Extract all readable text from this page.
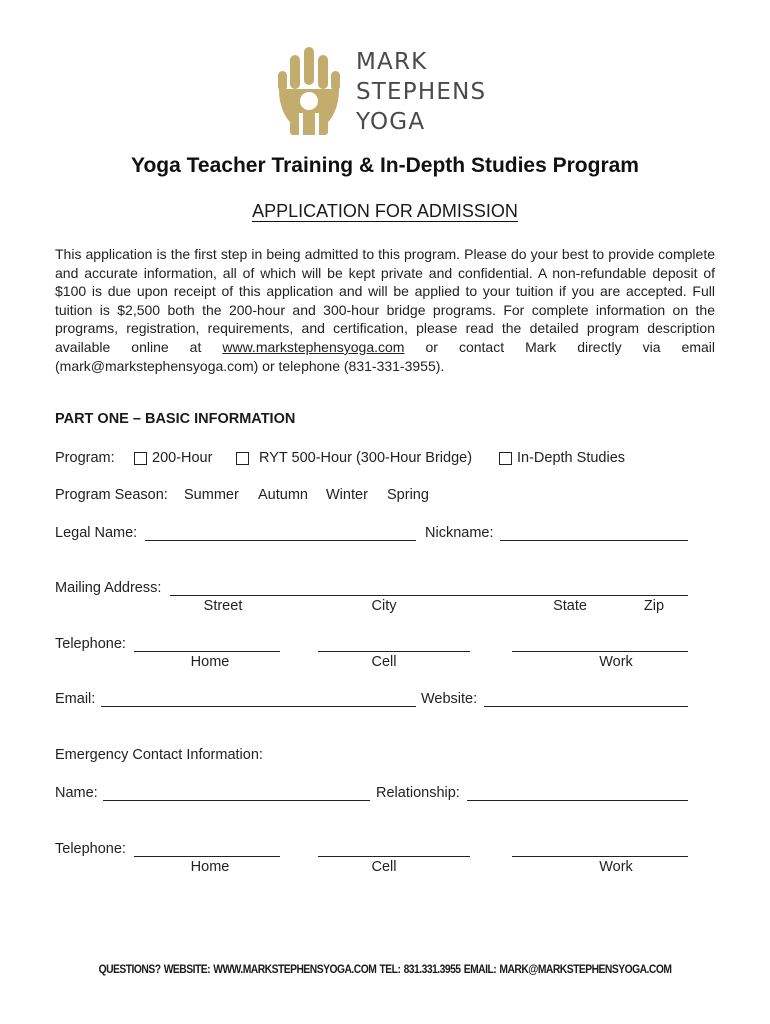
MARK
STEPHENS
YOGA
Yoga Teacher Training & In-Depth Studies Program
APPLICATION FOR ADMISSION
This application is the first step in being admitted to this program. Please do your best to provide complete and accurate information, all of which will be kept private and confidential. A non-refundable deposit of $100 is due upon receipt of this application and will be applied to your tuition if you are accepted. Full tuition is $2,500 both the 200-hour and 300-hour bridge programs. For complete information on the programs, registration, requirements, and certification, please read the detailed program description available online at www.markstephensyoga.com or contact Mark directly via email (mark@markstephensyoga.com) or telephone (831-331-3955).
PART ONE – BASIC INFORMATION
Program:	200-Hour	RYT 500-Hour (300-Hour Bridge)	In-Depth Studies
Program Season: Summer Autumn Winter Spring
Legal Name:	Nickname:
Mailing Address:
Street	City	State	Zip
Telephone:
Home	Cell	Work
Email:	Website:
Emergency Contact Information:
Name:	Relationship:
Telephone:
Home	Cell	Work
QUESTIONS? WEBSITE: WWW.MARKSTEPHENSYOGA.COM TEL: 831.331.3955 EMAIL: MARK@MARKSTEPHENSYOGA.COM
